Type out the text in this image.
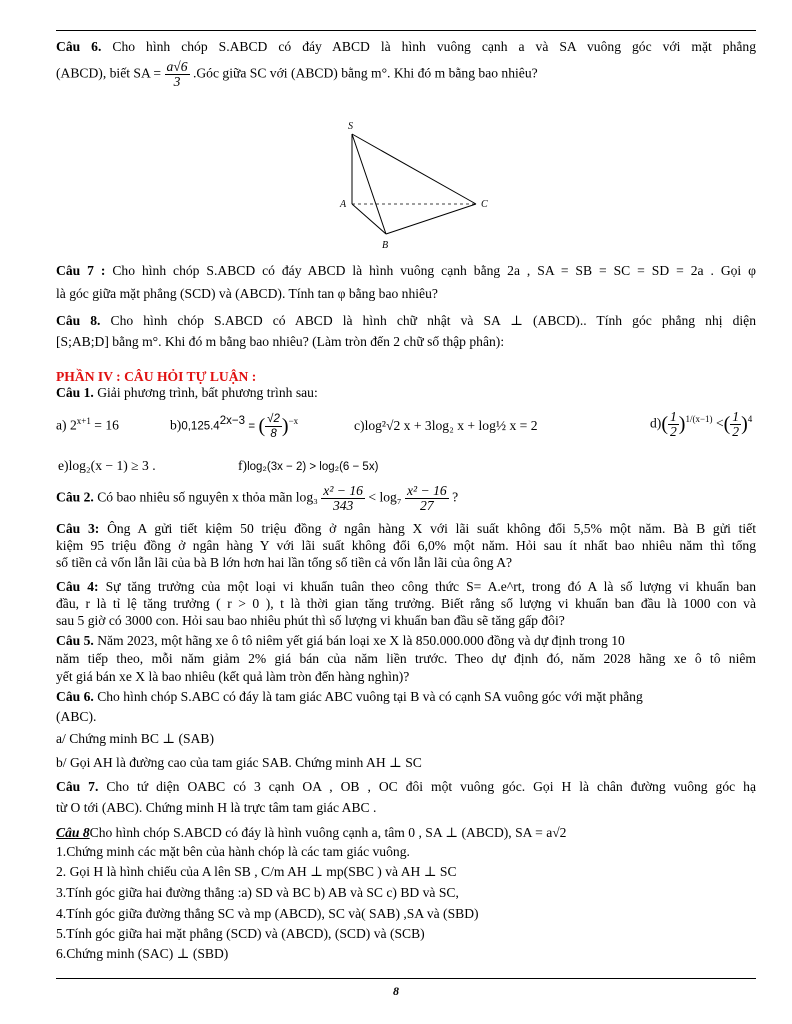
Câu 6. Cho hình chóp S.ABCD có đáy ABCD là hình vuông cạnh a và SA vuông góc với mặt phẳng
(ABCD), biết SA = $\frac{a√6}{3}$ .Góc giữa SC với (ABCD) bằng m°. Khi đó m bằng bao nhiêu?
S
A
B
C
Câu 7 : Cho hình chóp S.ABCD có đáy ABCD là hình vuông cạnh bằng 2a , SA = SB = SC = SD = 2a . Gọi φ
là góc giữa mặt phẳng (SCD) và (ABCD). Tính tan φ bằng bao nhiêu?
Câu 8. Cho hình chóp S.ABCD có ABCD là hình chữ nhật và SA ⊥ (ABCD).. Tính góc phẳng nhị diện
[S;AB;D] bằng m°. Khi đó m bằng bao nhiêu? (Làm tròn đến 2 chữ số thập phân):
PHẦN IV : CÂU HỎI TỰ LUẬN :
Câu 1. Giải phương trình, bất phương trình sau:
a) $2^{x+1} = 16$	$b)0,125.4^{2x-3}$ = ( $\frac{√2}{8} )^{-x}$	c)log²√2 x + 3log₂ x + log½ x = 2	$d)( \frac{1}{2} )^{1/(x-1)}$ <( $\frac{1}{2} )^4$
e)log₂(x − 1) ≥ 3 .	f)log₂(3x − 2) > log₂(6 − 5x)
Câu 2. Có bao nhiêu số nguyên x thỏa mãn $\log_3 \frac{\text{x² − 16}}{343} < \log_7 \frac{\text{x² − 16}}{27}$ ?
Câu 3: Ông A gửi tiết kiệm 50 triệu đồng ở ngân hàng X với lãi suất không đổi 5,5% một năm. Bà B gửi tiết
kiệm 95 triệu đồng ở ngân hàng Y với lãi suất không đổi 6,0% một năm. Hỏi sau ít nhất bao nhiêu năm thì tổng
số tiền cả vốn lẫn lãi của bà B lớn hơn hai lần tổng số tiền cả vốn lẫn lãi của ông A?
Câu 4: Sự tăng trưởng của một loại vi khuẩn tuân theo công thức S= A.e^rt, trong đó A là số lượng vi khuẩn ban
đầu, r là tỉ lệ tăng trưởng ( r > 0 ), t là thời gian tăng trưởng. Biết rằng số lượng vi khuẩn ban đầu là 1000 con và
sau 5 giờ có 3000 con. Hỏi sau bao nhiêu phút thì số lượng vi khuẩn ban đầu sẽ tăng gấp đôi?
Câu 5. Năm 2023, một hãng xe ô tô niêm yết giá bán loại xe X là 850.000.000 đồng và dự định trong 10
năm tiếp theo, mỗi năm giảm 2% giá bán của năm liền trước. Theo dự định đó, năm 2028 hãng xe ô tô niêm
yết giá bán xe X là bao nhiêu (kết quả làm tròn đến hàng nghìn)?
Câu 6. Cho hình chóp S.ABC có đáy là tam giác ABC vuông tại B và có cạnh SA vuông góc với mặt phẳng
(ABC).
a/ Chứng minh BC ⊥ (SAB)
b/ Gọi AH là đường cao của tam giác SAB. Chứng minh AH ⊥ SC
Câu 7. Cho tứ diện OABC có 3 cạnh OA , OB , OC đôi một vuông góc. Gọi H là chân đường vuông góc hạ
từ O tới (ABC). Chứng minh H là trực tâm tam giác ABC .
Câu 8Cho hình chóp S.ABCD có đáy là hình vuông cạnh a, tâm 0 , SA ⊥ (ABCD), SA = a√2
1.Chứng minh các mặt bên của hành chóp là các tam giác vuông.
2. Gọi H là hình chiếu của A lên SB , C/m AH ⊥ mp(SBC ) và AH ⊥ SC
3.Tính góc giữa hai đường thẳng :a) SD và BC b) AB và SC c) BD và SC,
4.Tính góc giữa đường thẳng SC và mp (ABCD), SC và( SAB) ,SA và (SBD)
5.Tính góc giữa hai mặt phẳng (SCD) và (ABCD), (SCD) và (SCB)
6.Chứng minh (SAC) ⊥ (SBD)
8
